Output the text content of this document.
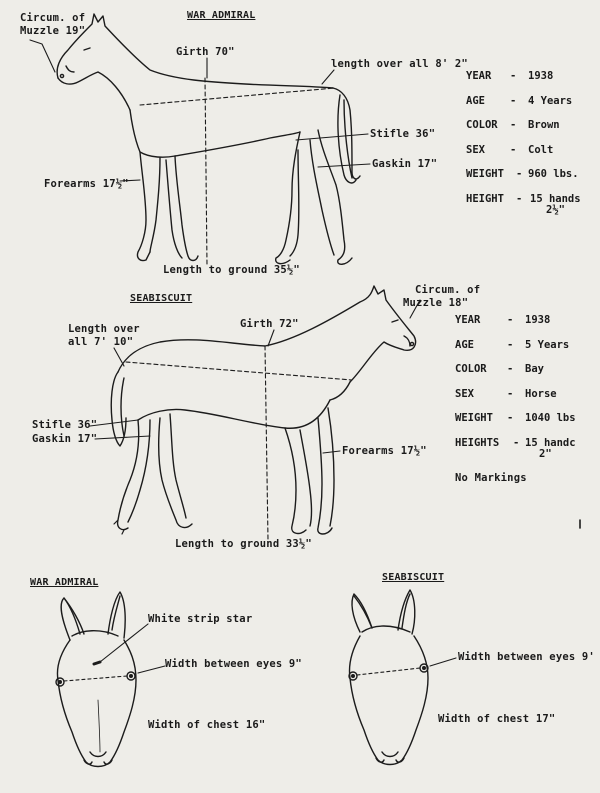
Circum. of
Muzzle 19"
WAR ADMIRAL
Girth 70"
length over all 8' 2"
Stifle 36"
Gaskin 17"
Forearms 17½"
Length to ground 35½"
YEAR - 1938
AGE - 4 Years
COLOR - Brown
SEX - Colt
WEIGHT - 960 lbs.
HEIGHT - 15 hands
2½"
SEABISCUIT
Circum. of
Muzzle 18"
Girth 72"
Length over
all 7' 10"
Stifle 36"
Gaskin 17"
Forearms 17½"
Length to ground 33½"
YEAR	- 1938
AGE	- 5 Years
COLOR - Bay
SEX	- Horse
WEIGHT - 1040 lbs
HEIGHTS - 15 handc
2"
No Markings
WAR ADMIRAL
White strip star
Width between eyes 9"
Width of chest 16"
SEABISCUIT
Width between eyes 9'
Width of chest 17"
